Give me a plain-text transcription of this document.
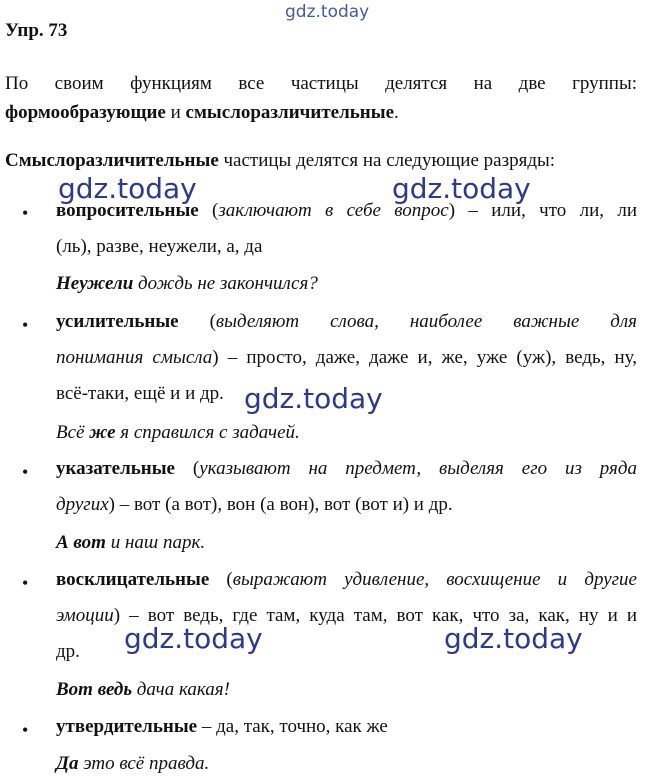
gdz.today
gdz.today	gdz.today
gdz.today
gdz.today	gdz.today
Упр. 73
По своим функциям все частицы делятся на две группы:
формообразующие и смыслоразличительные.
Смыслоразличительные частицы делятся на следующие разряды:
• вопросительные (заключают в себе вопрос) – или, что ли, ли
(ль), разве, неужели, а, да
Неужели дождь не закончился?
• усилительные (выделяют слова, наиболее важные для
понимания смысла) – просто, даже, даже и, же, уже (уж), ведь, ну,
всё-таки, ещё и и др.
Всё же я справился с задачей.
• указательные (указывают на предмет, выделяя его из ряда
других) – вот (а вот), вон (а вон), вот (вот и) и др.
А вот и наш парк.
• восклицательные (выражают удивление, восхищение и другие
эмоции) – вот ведь, где там, куда там, вот как, что за, как, ну и и
др.
Вот ведь дача какая!
• утвердительные – да, так, точно, как же
Да это всё правда.
